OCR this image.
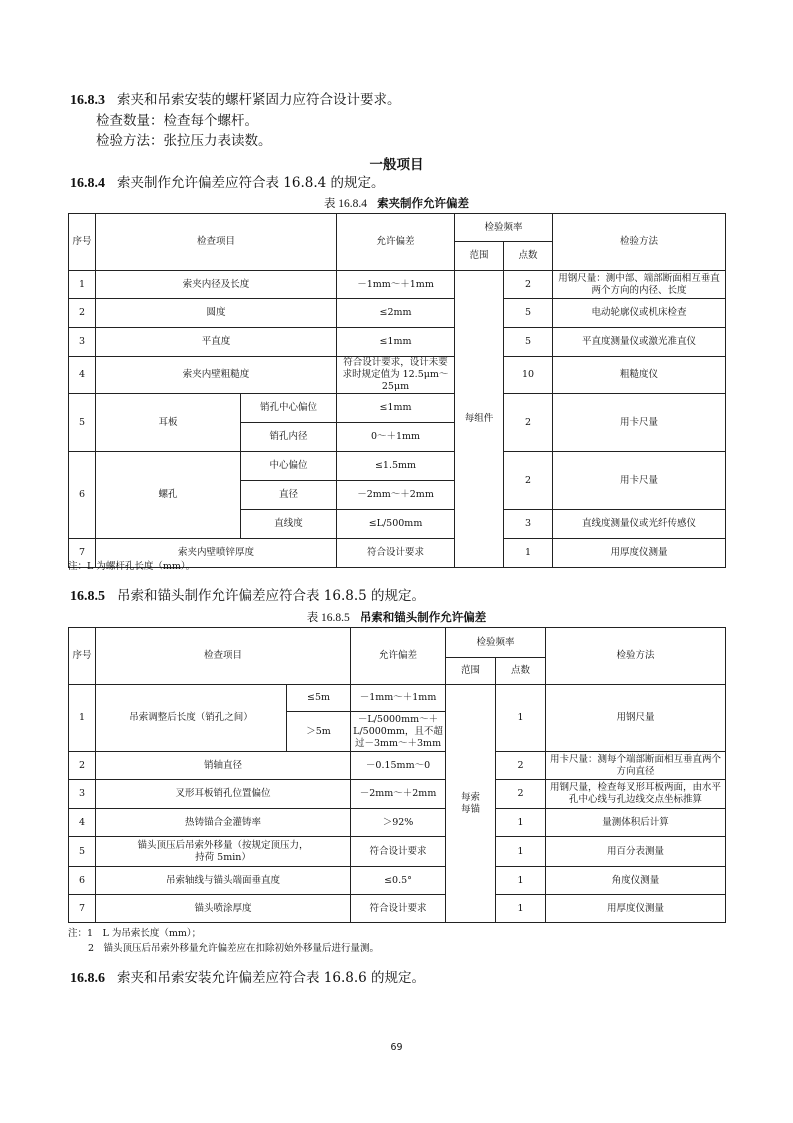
16.8.3 索夹和吊索安装的螺杆紧固力应符合设计要求。
检查数量：检查每个螺杆。
检验方法：张拉压力表读数。
一般项目
16.8.4 索夹制作允许偏差应符合表 16.8.4 的规定。
表 16.8.4 索夹制作允许偏差
序号	检查项目		允许偏差	检验频率		检验方法
				范围	点数	
1	索夹内径及长度		－1mm～＋1mm	每组件	2	用钢尺量：测中部、端部断面相互垂直两个方向的内径、长度
2	圆度		≤2mm		5	电动轮廓仪或机床检查
3	平直度		≤1mm		5	平直度测量仪或激光准直仪
4	索夹内壁粗糙度		符合设计要求，设计未要求时规定值为 12.5μm～25μm		10	粗糙度仪
5	耳板	销孔中心偏位	≤1mm		2	用卡尺量
		销孔内径	0～＋1mm			
6	螺孔	中心偏位	≤1.5mm		2	用卡尺量
		直径	－2mm～＋2mm			
		直线度	≤L/500mm		3	直线度测量仪或光纤传感仪
7	索夹内壁喷锌厚度		符合设计要求		1	用厚度仪测量
注：L 为螺杆孔长度（mm）。
16.8.5 吊索和锚头制作允许偏差应符合表 16.8.5 的规定。
表 16.8.5 吊索和锚头制作允许偏差
序号	检查项目		允许偏差	检验频率		检验方法
				范围	点数	
1	吊索调整后长度（销孔之间）	≤5m	－1mm～＋1mm	每索每锚	1	用钢尺量
		＞5m	－L/5000mm～＋L/5000mm，且不超过－3mm～＋3mm			
2	销轴直径		－0.15mm～0		2	用卡尺量：测每个端部断面相互垂直两个方向直径
3	叉形耳板销孔位置偏位		－2mm～＋2mm		2	用钢尺量，检查每叉形耳板两面，由水平孔中心线与孔边线交点坐标推算
4	热铸锚合金灌铸率		＞92%		1	量测体积后计算
5	锚头顶压后吊索外移量（按规定顶压力，持荷 5min）		符合设计要求		1	用百分表测量
6	吊索轴线与锚头端面垂直度		≤0.5°		1	角度仪测量
7	锚头喷涂厚度		符合设计要求		1	用厚度仪测量
注：1　L 为吊索长度（mm）；
2　锚头顶压后吊索外移量允许偏差应在扣除初始外移量后进行量测。
16.8.6 索夹和吊索安装允许偏差应符合表 16.8.6 的规定。
69
